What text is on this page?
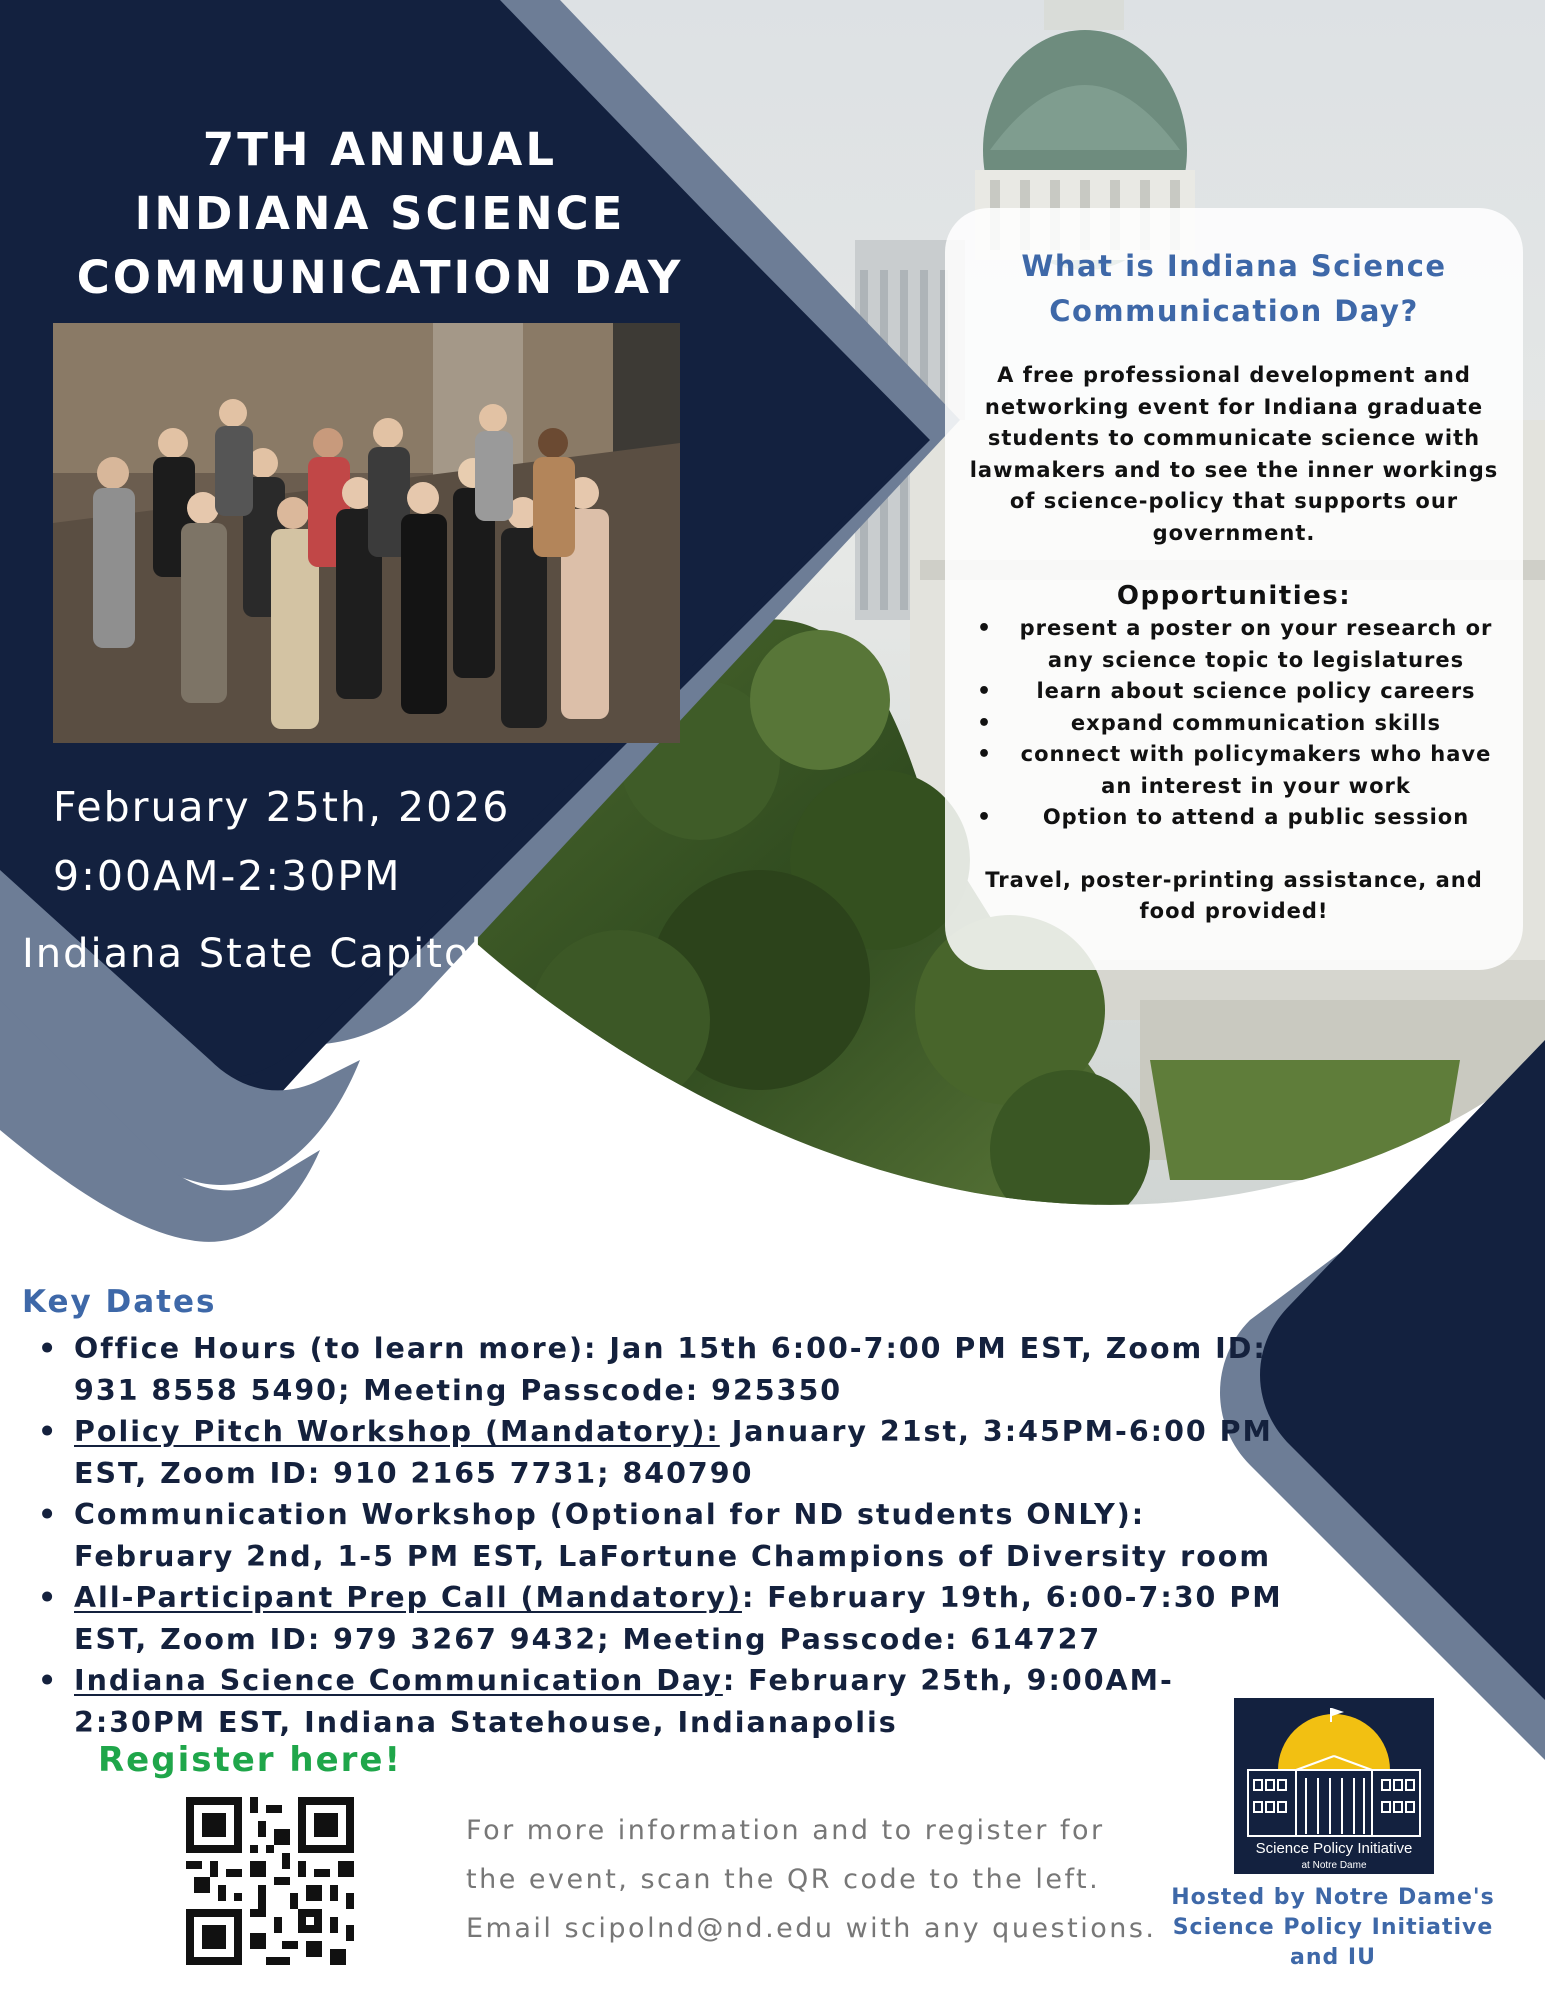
7TH ANNUAL
INDIANA SCIENCE
COMMUNICATION DAY
February 25th, 2026
9:00AM-2:30PM
Indiana State Capitol
What is Indiana Science
Communication Day?
A free professional development and
networking event for Indiana graduate
students to communicate science with
lawmakers and to see the inner workings
of science-policy that supports our
government.
Opportunities:
•	present a poster on your research or
any science topic to legislatures
•	learn about science policy careers
•	expand communication skills
•	connect with policymakers who have
an interest in your work
•	Option to attend a public session
Travel, poster-printing assistance, and
food provided!
Key Dates
• Office Hours (to learn more): Jan 15th 6:00-7:00 PM EST, Zoom ID:
931 8558 5490; Meeting Passcode: 925350
• Policy Pitch Workshop (Mandatory): January 21st, 3:45PM-6:00 PM
EST, Zoom ID: 910 2165 7731; 840790
• Communication Workshop (Optional for ND students ONLY):
February 2nd, 1-5 PM EST, LaFortune Champions of Diversity room
• All-Participant Prep Call (Mandatory): February 19th, 6:00-7:30 PM
EST, Zoom ID: 979 3267 9432; Meeting Passcode: 614727
• Indiana Science Communication Day: February 25th, 9:00AM-
2:30PM EST, Indiana Statehouse, Indianapolis
Register here!
For more information and to register for
the event, scan the QR code to the left.
Email scipolnd@nd.edu with any questions.
Science Policy Initiative
at Notre Dame
Hosted by Notre Dame's
Science Policy Initiative
and IU
